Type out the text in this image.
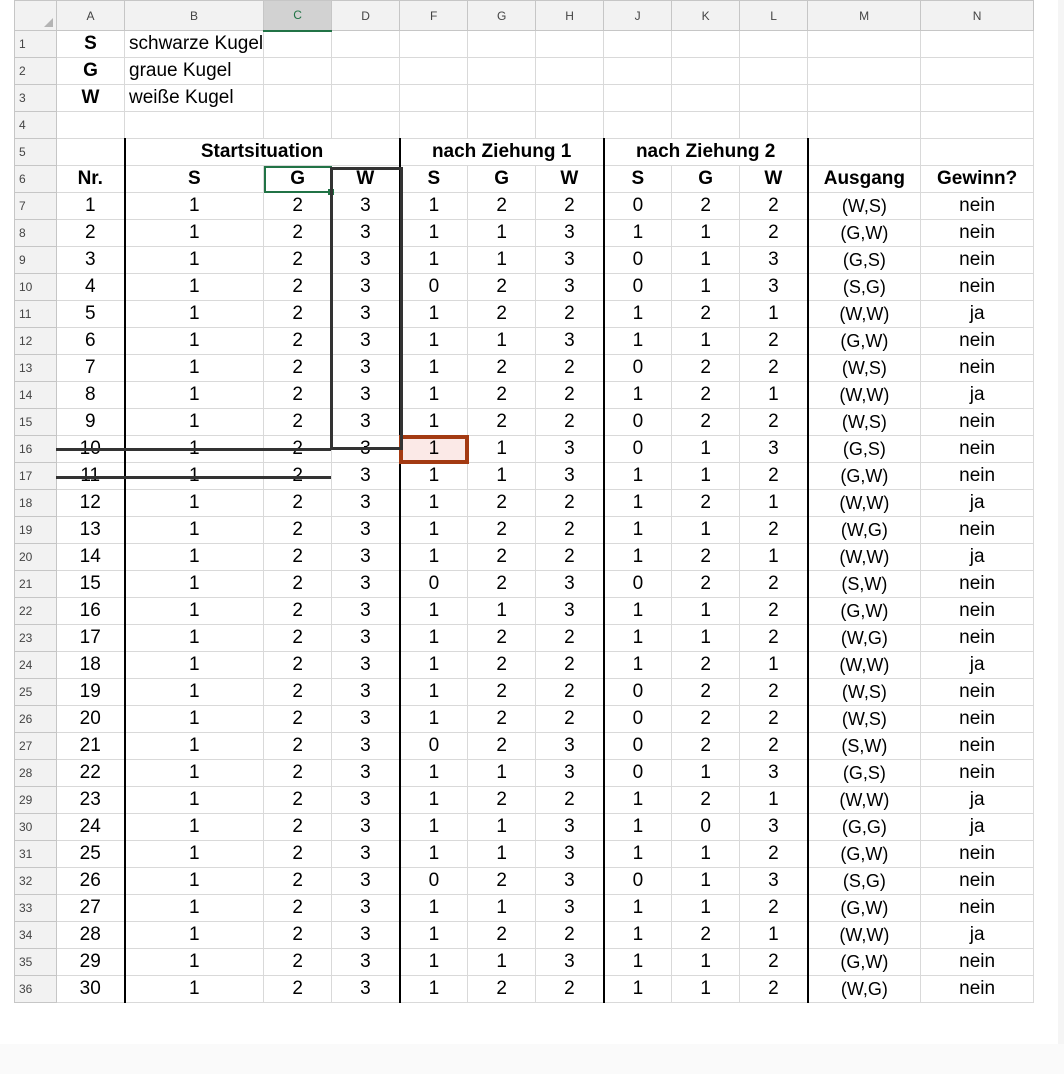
	A	B	C	D	F	G	H	J	K	L	M	N
1	S	schwarze Kugel										
2	G	graue Kugel										
3	W	weiße Kugel										
4												
5		Startsituation			nach Ziehung 1			nach Ziehung 2				
6	Nr.	S	G	W	S	G	W	S	G	W	Ausgang	Gewinn?
7	1	1	2	3	1	2	2	0	2	2	(W,S)	nein
8	2	1	2	3	1	1	3	1	1	2	(G,W)	nein
9	3	1	2	3	1	1	3	0	1	3	(G,S)	nein
10	4	1	2	3	0	2	3	0	1	3	(S,G)	nein
11	5	1	2	3	1	2	2	1	2	1	(W,W)	ja
12	6	1	2	3	1	1	3	1	1	2	(G,W)	nein
13	7	1	2	3	1	2	2	0	2	2	(W,S)	nein
14	8	1	2	3	1	2	2	1	2	1	(W,W)	ja
15	9	1	2	3	1	2	2	0	2	2	(W,S)	nein
16	10	1	2	3	1	1	3	0	1	3	(G,S)	nein
17	11	1	2	3	1	1	3	1	1	2	(G,W)	nein
18	12	1	2	3	1	2	2	1	2	1	(W,W)	ja
19	13	1	2	3	1	2	2	1	1	2	(W,G)	nein
20	14	1	2	3	1	2	2	1	2	1	(W,W)	ja
21	15	1	2	3	0	2	3	0	2	2	(S,W)	nein
22	16	1	2	3	1	1	3	1	1	2	(G,W)	nein
23	17	1	2	3	1	2	2	1	1	2	(W,G)	nein
24	18	1	2	3	1	2	2	1	2	1	(W,W)	ja
25	19	1	2	3	1	2	2	0	2	2	(W,S)	nein
26	20	1	2	3	1	2	2	0	2	2	(W,S)	nein
27	21	1	2	3	0	2	3	0	2	2	(S,W)	nein
28	22	1	2	3	1	1	3	0	1	3	(G,S)	nein
29	23	1	2	3	1	2	2	1	2	1	(W,W)	ja
30	24	1	2	3	1	1	3	1	0	3	(G,G)	ja
31	25	1	2	3	1	1	3	1	1	2	(G,W)	nein
32	26	1	2	3	0	2	3	0	1	3	(S,G)	nein
33	27	1	2	3	1	1	3	1	1	2	(G,W)	nein
34	28	1	2	3	1	2	2	1	2	1	(W,W)	ja
35	29	1	2	3	1	1	3	1	1	2	(G,W)	nein
36	30	1	2	3	1	2	2	1	1	2	(W,G)	nein
